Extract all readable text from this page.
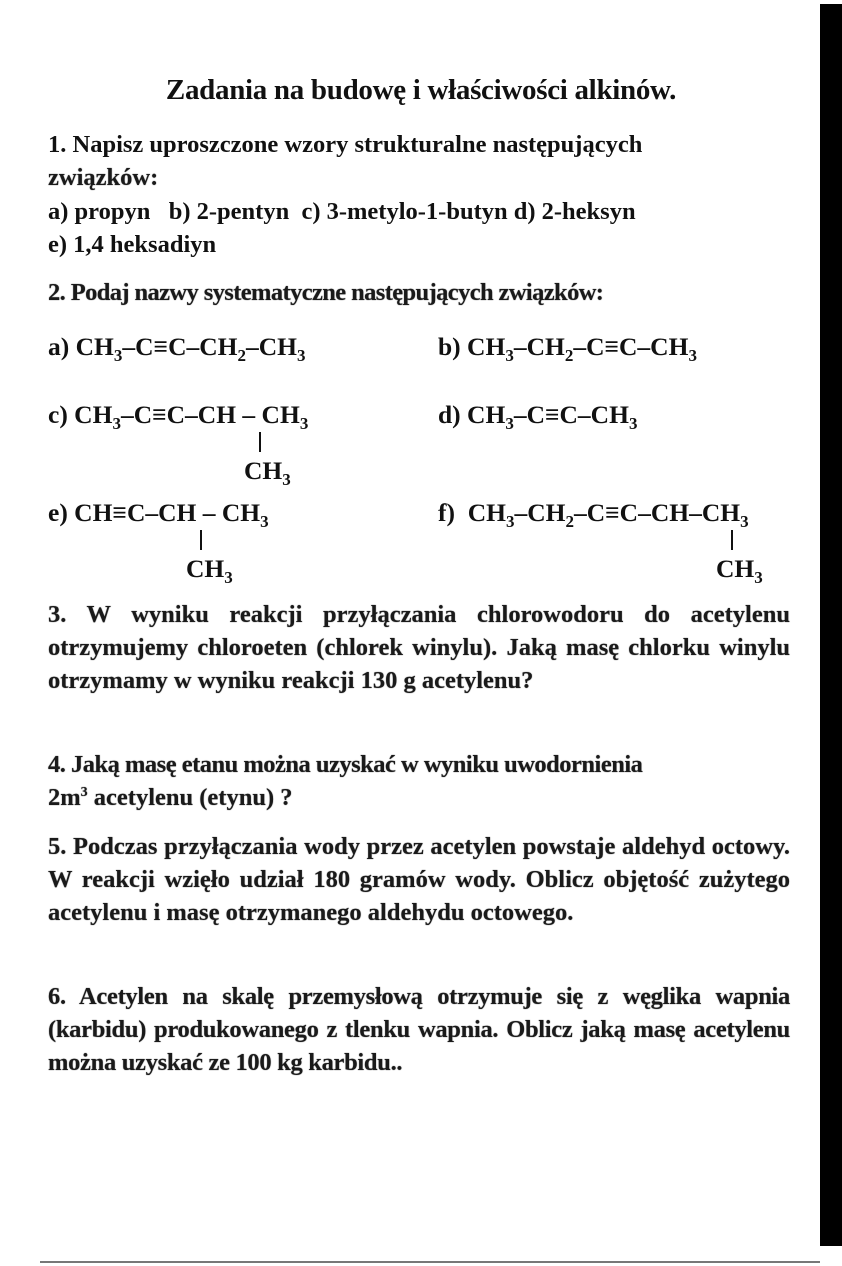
Zadania na budowę i właściwości alkinów.
1. Napisz uproszczone wzory strukturalne następujących
związków:
a) propyn   b) 2-pentyn  c) 3-metylo-1-butyn d) 2-heksyn
e) 1,4 heksadiyn
2. Podaj nazwy systematyczne następujących związków:
a) $CH_3-C\equiv C-CH_2-CH_3$	b) $CH_3-CH_2-C\equiv C-CH_3$
c) $CH_3-C\equiv C-CH - CH_3$
$CH_3$
d) $CH_3-C\equiv C-CH_3$
e) $CH\equiv C-CH - CH_3$
$CH_3$
f)  $CH_3-CH_2-C\equiv C-CH-CH_3$
$CH_3$
3. W wyniku reakcji przyłączania chlorowodoru do acetylenu otrzymujemy chloroeten (chlorek winylu). Jaką masę chlorku winylu otrzymamy w wyniku reakcji 130 g acetylenu?
4. Jaką masę etanu można uzyskać w wyniku uwodornienia
$2m^3$ acetylenu (etynu) ?
5. Podczas przyłączania wody przez acetylen powstaje aldehyd octowy. W reakcji wzięło udział 180 gramów wody. Oblicz objętość zużytego acetylenu i masę otrzymanego aldehydu octowego.
6. Acetylen na skalę przemysłową otrzymuje się z węglika wapnia (karbidu) produkowanego z tlenku wapnia. Oblicz jaką masę acetylenu można uzyskać ze 100 kg karbidu..
